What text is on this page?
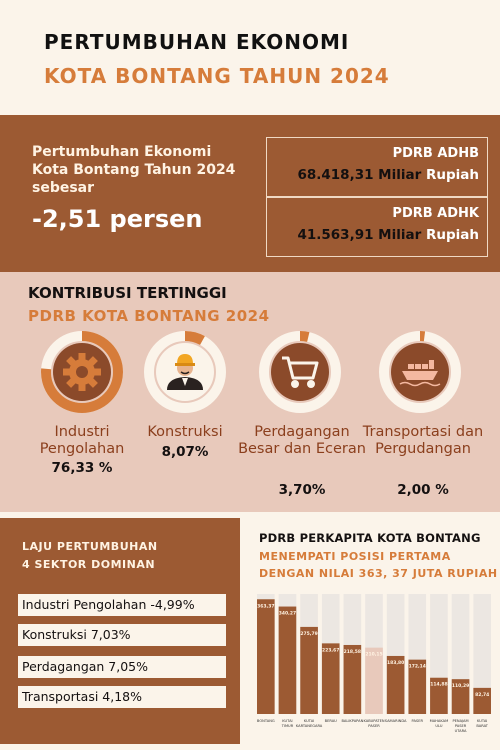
PERTUMBUHAN EKONOMI
KOTA BONTANG TAHUN 2024
Pertumbuhan Ekonomi Kota Bontang Tahun 2024 sebesar
-2,51 persen
PDRB ADHB
68.418,31 Miliar Rupiah
PDRB ADHK
41.563,91 Miliar Rupiah
KONTRIBUSI TERTINGGI
PDRB KOTA BONTANG 2024
Industri Pengolahan
76,33 %
Konstruksi
8,07%
Perdagangan Besar dan Eceran
3,70%
Transportasi dan Pergudangan
2,00 %
LAJU PERTUMBUHAN
4 SEKTOR DOMINAN
Industri Pengolahan -4,99%
Konstruksi 7,03%
Perdagangan 7,05%
Transportasi 4,18%
PDRB PERKAPITA KOTA BONTANG
MENEMPATI POSISI PERTAMA
DENGAN NILAI 363, 37 JUTA RUPIAH
363,37
BONTANG
340,27
KUTAI
TIMUR
275,79
KUTAI
KARTANEGARA
223,67
BERAU
218,58
BALIKPAPAN
210,15
KABUPATEN
PASER
183,80
SAMARINDA
172,14
PASER
114,88
MAHAKAM
ULU
110,29
PENAJAM
PASER
UTARA
82,74
KUTAI
BARAT
